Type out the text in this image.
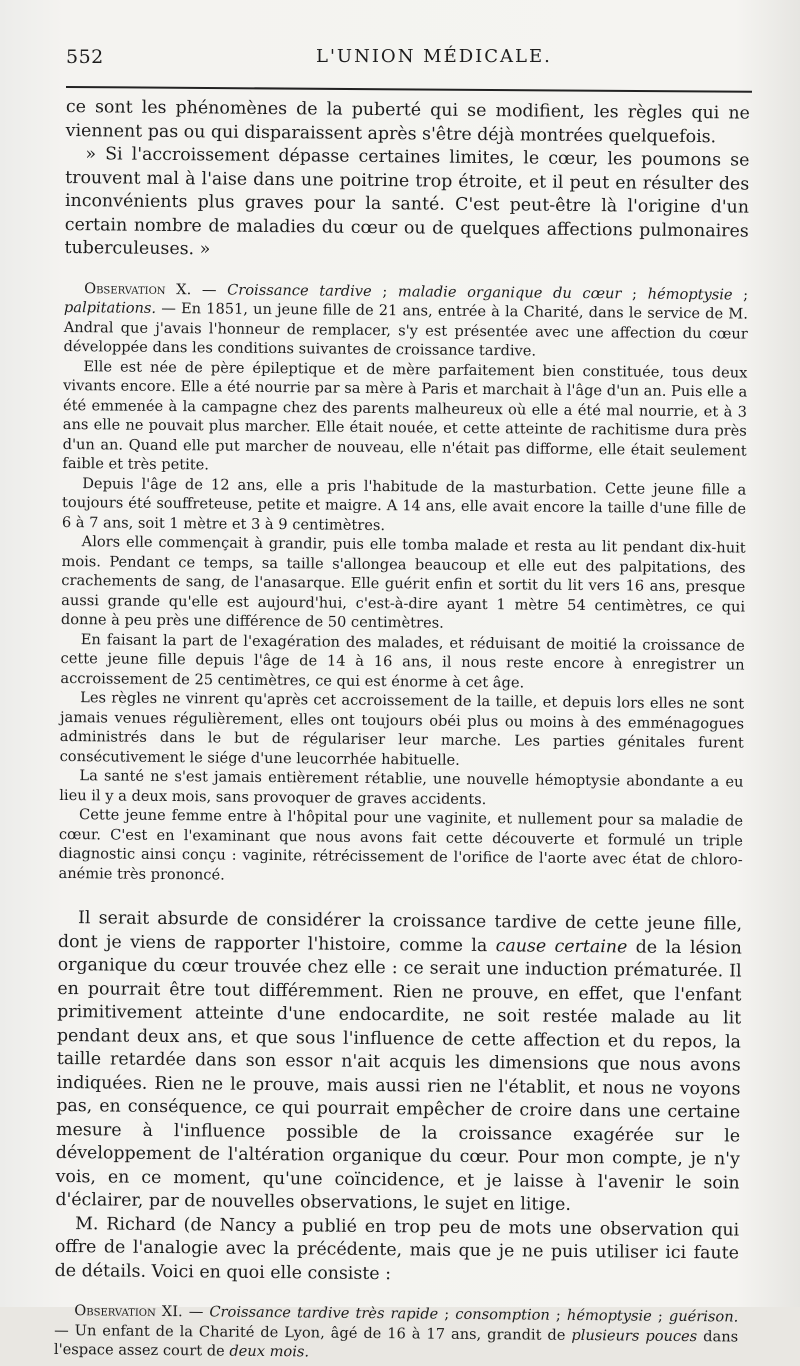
552	L'UNION MÉDICALE.

ce sont les phénomènes de la puberté qui se modifient, les règles qui ne viennent pas ou qui disparaissent après s'être déjà montrées quelquefois.

» Si l'accroissement dépasse certaines limites, le cœur, les poumons se trouvent mal à l'aise dans une poitrine trop étroite, et il peut en résulter des inconvénients plus graves pour la santé. C'est peut-être là l'origine d'un certain nombre de maladies du cœur ou de quelques affections pulmonaires tuberculeuses. »

Observation X. — Croissance tardive ; maladie organique du cœur ; hémoptysie ; palpitations. — En 1851, un jeune fille de 21 ans, entrée à la Charité, dans le service de M. Andral que j'avais l'honneur de remplacer, s'y est présentée avec une affection du cœur développée dans les conditions suivantes de croissance tardive.

Elle est née de père épileptique et de mère parfaitement bien constituée, tous deux vivants encore. Elle a été nourrie par sa mère à Paris et marchait à l'âge d'un an. Puis elle a été emmenée à la campagne chez des parents malheureux où elle a été mal nourrie, et à 3 ans elle ne pouvait plus marcher. Elle était nouée, et cette atteinte de rachitisme dura près d'un an. Quand elle put marcher de nouveau, elle n'était pas difforme, elle était seulement faible et très petite.

Depuis l'âge de 12 ans, elle a pris l'habitude de la masturbation. Cette jeune fille a toujours été souffreteuse, petite et maigre. A 14 ans, elle avait encore la taille d'une fille de 6 à 7 ans, soit 1 mètre et 3 à 9 centimètres.

Alors elle commençait à grandir, puis elle tomba malade et resta au lit pendant dix-huit mois. Pendant ce temps, sa taille s'allongea beaucoup et elle eut des palpitations, des crachements de sang, de l'anasarque. Elle guérit enfin et sortit du lit vers 16 ans, presque aussi grande qu'elle est aujourd'hui, c'est-à-dire ayant 1 mètre 54 centimètres, ce qui donne à peu près une différence de 50 centimètres.

En faisant la part de l'exagération des malades, et réduisant de moitié la croissance de cette jeune fille depuis l'âge de 14 à 16 ans, il nous reste encore à enregistrer un accroissement de 25 centimètres, ce qui est énorme à cet âge.

Les règles ne vinrent qu'après cet accroissement de la taille, et depuis lors elles ne sont jamais venues régulièrement, elles ont toujours obéi plus ou moins à des emménagogues administrés dans le but de régulariser leur marche. Les parties génitales furent consécutivement le siége d'une leucorrhée habituelle.

La santé ne s'est jamais entièrement rétablie, une nouvelle hémoptysie abondante a eu lieu il y a deux mois, sans provoquer de graves accidents.

Cette jeune femme entre à l'hôpital pour une vaginite, et nullement pour sa maladie de cœur. C'est en l'examinant que nous avons fait cette découverte et formulé un triple diagnostic ainsi conçu : vaginite, rétrécissement de l'orifice de l'aorte avec état de chloro-anémie très prononcé.

Il serait absurde de considérer la croissance tardive de cette jeune fille, dont je viens de rapporter l'histoire, comme la cause certaine de la lésion organique du cœur trouvée chez elle : ce serait une induction prématurée. Il en pourrait être tout différemment. Rien ne prouve, en effet, que l'enfant primitivement atteinte d'une endocardite, ne soit restée malade au lit pendant deux ans, et que sous l'influence de cette affection et du repos, la taille retardée dans son essor n'ait acquis les dimensions que nous avons indiquées. Rien ne le prouve, mais aussi rien ne l'établit, et nous ne voyons pas, en conséquence, ce qui pourrait empêcher de croire dans une certaine mesure à l'influence possible de la croissance exagérée sur le développement de l'altération organique du cœur. Pour mon compte, je n'y vois, en ce moment, qu'une coïncidence, et je laisse à l'avenir le soin d'éclairer, par de nouvelles observations, le sujet en litige.

M. Richard (de Nancy a publié en trop peu de mots une observation qui offre de l'analogie avec la précédente, mais que je ne puis utiliser ici faute de détails. Voici en quoi elle consiste :

Observation XI. — Croissance tardive très rapide ; consomption ; hémoptysie ; guérison. — Un enfant de la Charité de Lyon, âgé de 16 à 17 ans, grandit de plusieurs pouces dans l'espace assez court de deux mois.
